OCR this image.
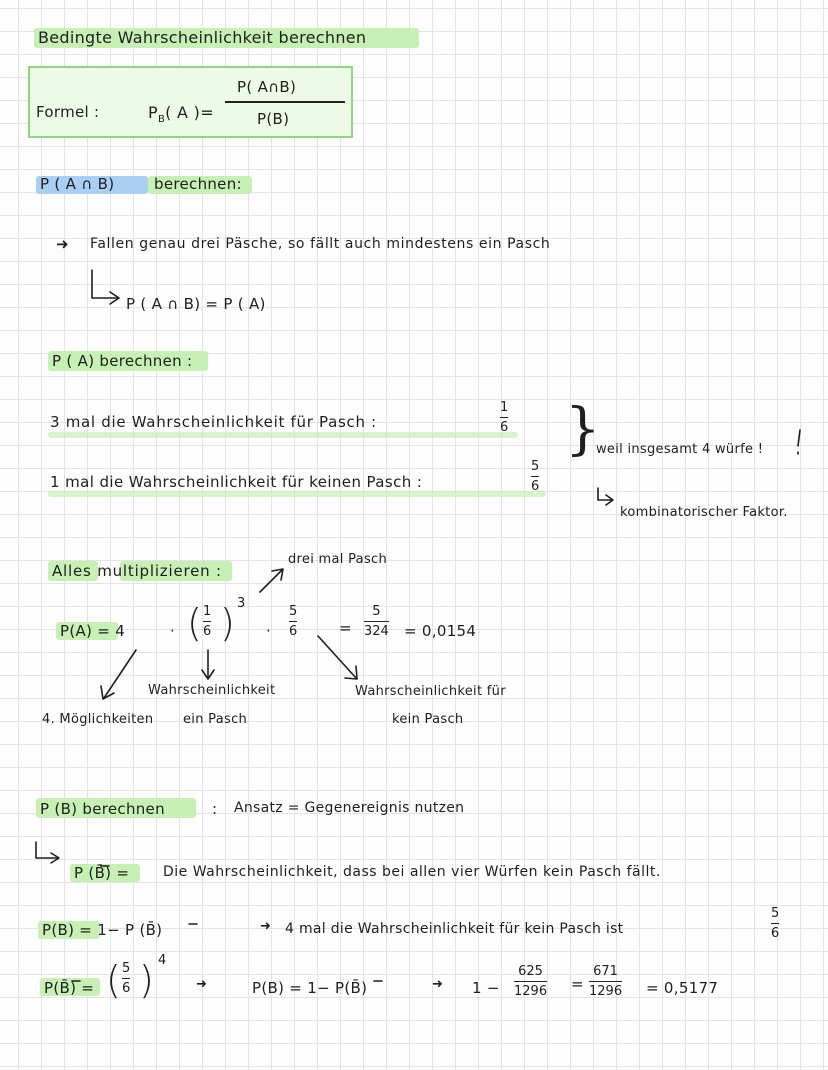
Bedingte Wahrscheinlichkeit berechnen
Formel :	$P_B$( A )=
P( A∩B)
P(B)
P ( A ∩ B)	berechnen:
➜ Fallen genau drei Päsche, so fällt auch mindestens ein Pasch
P ( A ∩ B) = P ( A)
P ( A) berechnen :
3 mal die Wahrscheinlichkeit für Pasch :
1
6
1 mal die Wahrscheinlichkeit für keinen Pasch :
5
6
}
weil insgesamt 4 würfe !
kombinatorischer Faktor.
Alles multiplizieren :
drei mal Pasch
P(A) = 4	· ( 1
6 ) 3
·
5
6	=
5
324 = 0,0154
4. Möglichkeiten
Wahrscheinlichkeit
ein Pasch
Wahrscheinlichkeit für
kein Pasch
P (B) berechnen	: Ansatz = Gegenereignis nutzen
P (B̄) = Die Wahrscheinlichkeit, dass bei allen vier Würfen kein Pasch fällt.
P(B) = 1− P (B̄)	➜ 4 mal die Wahrscheinlichkeit für kein Pasch ist
5
6
P(B̄) = ( 5
6 ) 4
➜	P(B) = 1− P(B̄)	➜ 1 −
625
1296 =
671
1296 = 0,5177
